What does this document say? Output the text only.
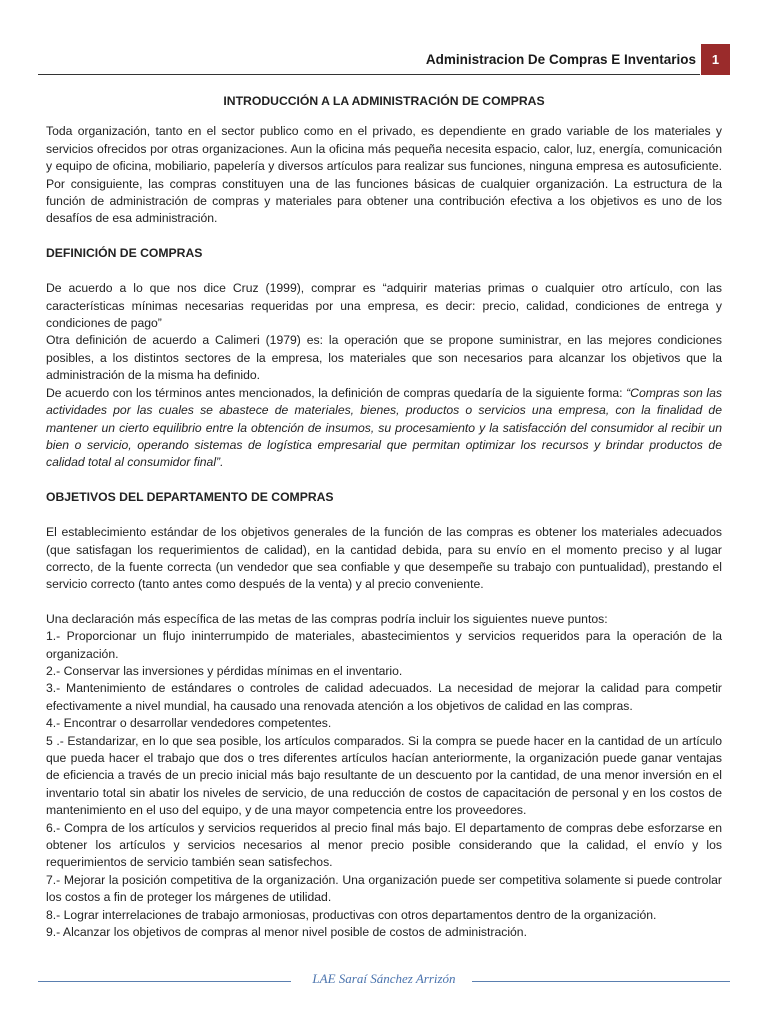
Administracion De Compras E Inventarios	1
INTRODUCCIÓN A LA ADMINISTRACIÓN DE COMPRAS

Toda organización, tanto en el sector publico como en el privado, es dependiente en grado variable de los materiales y servicios ofrecidos por otras organizaciones. Aun la oficina más pequeña necesita espacio, calor, luz, energía, comunicación y equipo de oficina, mobiliario, papelería y diversos artículos para realizar sus funciones, ninguna empresa es autosuficiente. Por consiguiente, las compras constituyen una de las funciones básicas de cualquier organización. La estructura de la función de administración de compras y materiales para obtener una contribución efectiva a los objetivos es uno de los desafíos de esa administración.

DEFINICIÓN DE COMPRAS

De acuerdo a lo que nos dice Cruz (1999), comprar es “adquirir materias primas o cualquier otro artículo, con las características mínimas necesarias requeridas por una empresa, es decir: precio, calidad, condiciones de entrega y condiciones de pago”

Otra definición de acuerdo a Calimeri (1979) es: la operación que se propone suministrar, en las mejores condiciones posibles, a los distintos sectores de la empresa, los materiales que son necesarios para alcanzar los objetivos que la administración de la misma ha definido.

De acuerdo con los términos antes mencionados, la definición de compras quedaría de la siguiente forma: “Compras son las actividades por las cuales se abastece de materiales, bienes, productos o servicios una empresa, con la finalidad de mantener un cierto equilibrio entre la obtención de insumos, su procesamiento y la satisfacción del consumidor al recibir un bien o servicio, operando sistemas de logística empresarial que permitan optimizar los recursos y brindar productos de calidad total al consumidor final”.

OBJETIVOS DEL DEPARTAMENTO DE COMPRAS

El establecimiento estándar de los objetivos generales de la función de las compras es obtener los materiales adecuados (que satisfagan los requerimientos de calidad), en la cantidad debida, para su envío en el momento preciso y al lugar correcto, de la fuente correcta (un vendedor que sea confiable y que desempeñe su trabajo con puntualidad), prestando el servicio correcto (tanto antes como después de la venta) y al precio conveniente.

Una declaración más específica de las metas de las compras podría incluir los siguientes nueve puntos:

1.- Proporcionar un flujo ininterrumpido de materiales, abastecimientos y servicios requeridos para la operación de la organización.
2.- Conservar las inversiones y pérdidas mínimas en el inventario.
3.- Mantenimiento de estándares o controles de calidad adecuados. La necesidad de mejorar la calidad para competir efectivamente a nivel mundial, ha causado una renovada atención a los objetivos de calidad en las compras.
4.- Encontrar o desarrollar vendedores competentes.
5 .- Estandarizar, en lo que sea posible, los artículos comparados. Si la compra se puede hacer en la cantidad de un artículo que pueda hacer el trabajo que dos o tres diferentes artículos hacían anteriormente, la organización puede ganar ventajas de eficiencia a través de un precio inicial más bajo resultante de un descuento por la cantidad, de una menor inversión en el inventario total sin abatir los niveles de servicio, de una reducción de costos de capacitación de personal y en los costos de mantenimiento en el uso del equipo, y de una mayor competencia entre los proveedores.
6.- Compra de los artículos y servicios requeridos al precio final más bajo. El departamento de compras debe esforzarse en obtener los artículos y servicios necesarios al menor precio posible considerando que la calidad, el envío y los requerimientos de servicio también sean satisfechos.
7.- Mejorar la posición competitiva de la organización. Una organización puede ser competitiva solamente si puede controlar los costos a fin de proteger los márgenes de utilidad.
8.- Lograr interrelaciones de trabajo armoniosas, productivas con otros departamentos dentro de la organización.
9.- Alcanzar los objetivos de compras al menor nivel posible de costos de administración.
LAE Saraí Sánchez Arrizón
